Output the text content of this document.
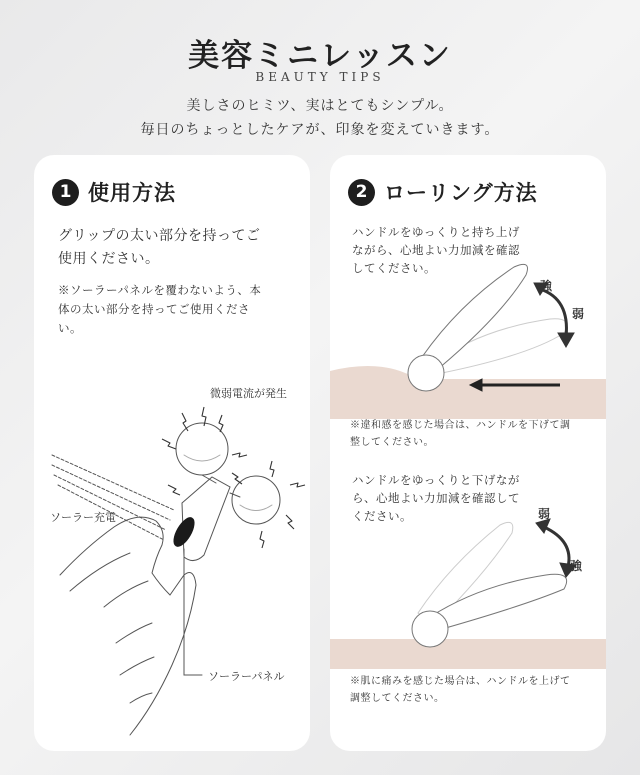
美容ミニレッスン
BEAUTY TIPS
美しさのヒミツ、実はとてもシンプル。
毎日のちょっとしたケアが、印象を変えていきます。
1 使用方法
グリップの太い部分を持ってご
使用ください。
※ソーラーパネルを覆わないよう、本
体の太い部分を持ってご使用くださ
い。
微弱電流が発生
ソーラー充電
ソーラーパネル
2 ローリング方法
ハンドルをゆっくりと持ち上げ
ながら、心地よい力加減を確認
してください。
強
弱
※違和感を感じた場合は、ハンドルを下げて調
整してください。
ハンドルをゆっくりと下げなが
ら、心地よい力加減を確認して
ください。	弱
強
※肌に痛みを感じた場合は、ハンドルを上げて
調整してください。
